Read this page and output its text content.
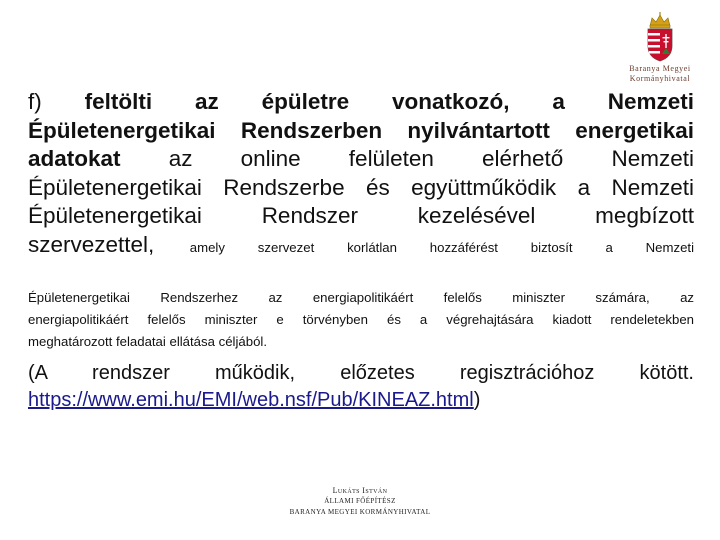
Baranya Megyei
Kormányhivatal
f) feltölti az épületre vonatkozó, a Nemzeti
Épületenergetikai Rendszerben nyilvántartott energetikai
adatokat az online felületen elérhető Nemzeti
Épületenergetikai Rendszerbe és együttműködik a Nemzeti
Épületenergetikai Rendszer kezelésével megbízott
szervezettel,	amely szervezet korlátlan hozzáférést biztosít a Nemzeti
Épületenergetikai Rendszerhez az energiapolitikáért felelős miniszter számára, az
energiapolitikáért felelős miniszter e törvényben és a végrehajtására kiadott rendeletekben
meghatározott feladatai ellátása céljából.
(A rendszer működik, előzetes regisztrációhoz kötött.
https://www.emi.hu/EMI/web.nsf/Pub/KINEAZ.html)
Lukáts István
ÁLLAMI FŐÉPÍTÉSZ
BARANYA MEGYEI KORMÁNYHIVATAL
